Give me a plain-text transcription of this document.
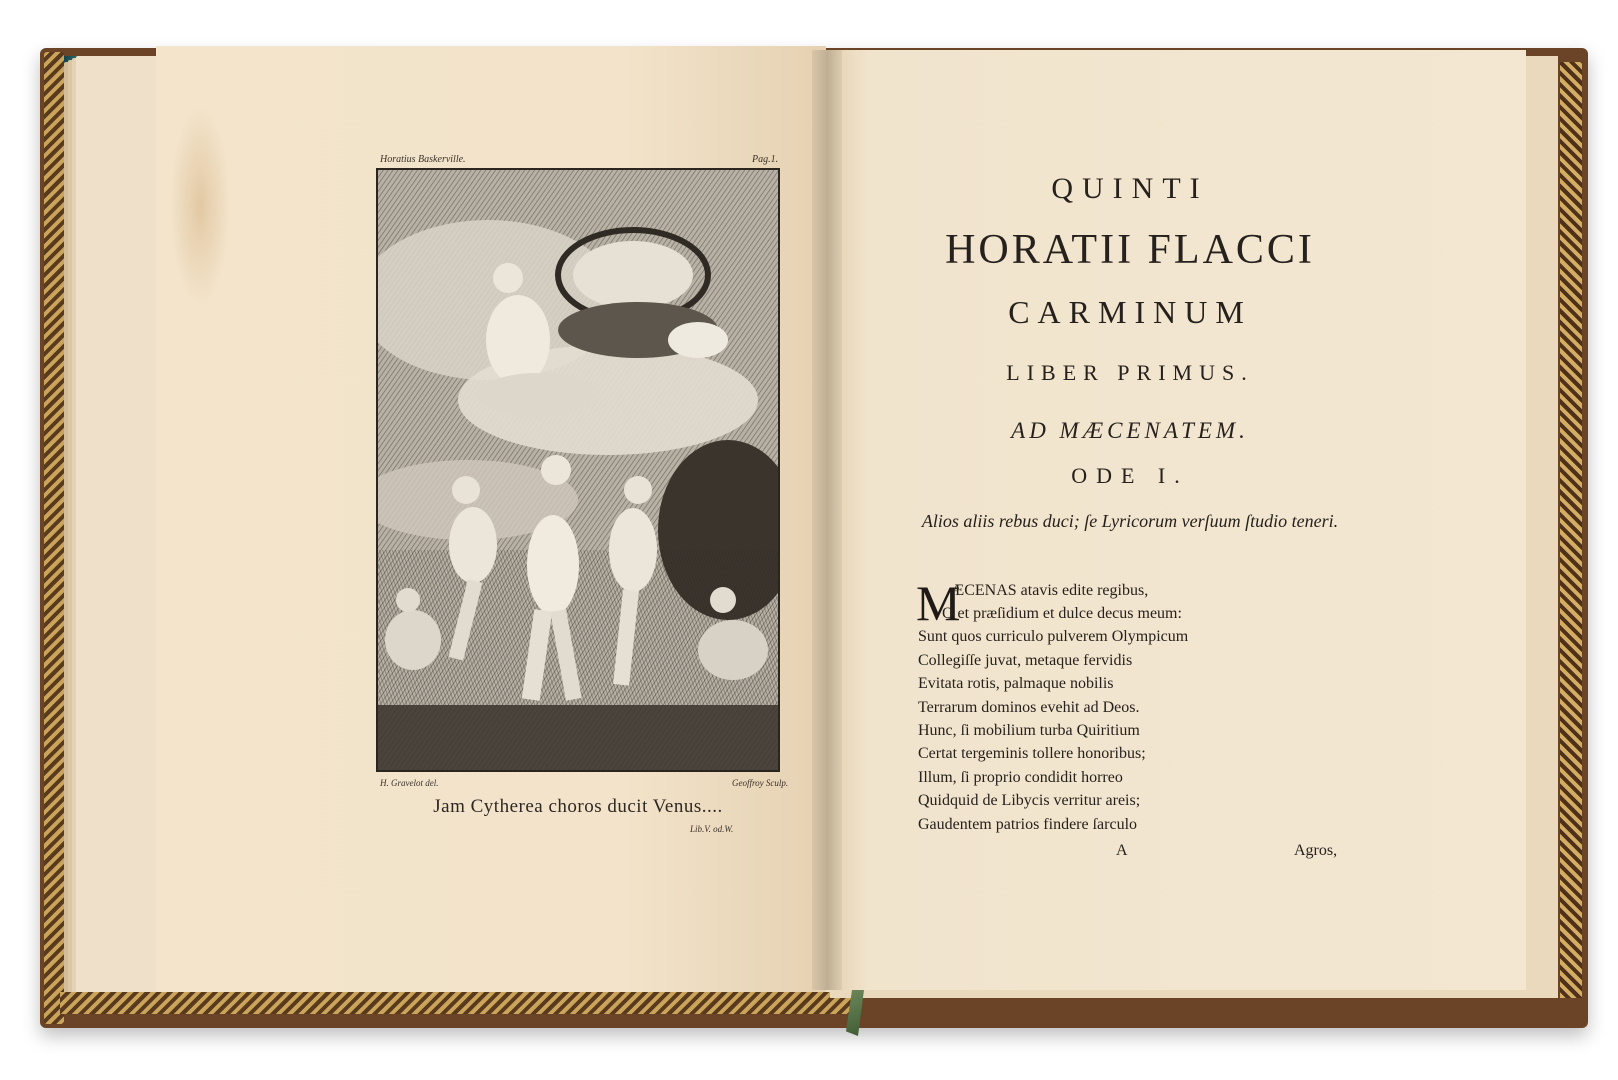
Horatius Baskerville.	Pag.1.
H. Gravelot del.	Geoffroy Sculp.
Jam Cytherea choros ducit Venus....
Lib.V. od.W.
QUINTI
HORATII FLACCI
CARMINUM
LIBER PRIMUS.
AD MÆCENATEM.
ODE I.
Alios aliis rebus duci; ſe Lyricorum verſuum ſtudio teneri.
M
ÆCENAS atavis edite regibus,
O et præſidium et dulce decus meum:
Sunt quos curriculo pulverem Olympicum
Collegiſſe juvat, metaque fervidis
Evitata rotis, palmaque nobilis
Terrarum dominos evehit ad Deos.
Hunc, ſi mobilium turba Quiritium
Certat tergeminis tollere honoribus;
Illum, ſi proprio condidit horreo
Quidquid de Libycis verritur areis;
Gaudentem patrios findere ſarculo
A	Agros,
